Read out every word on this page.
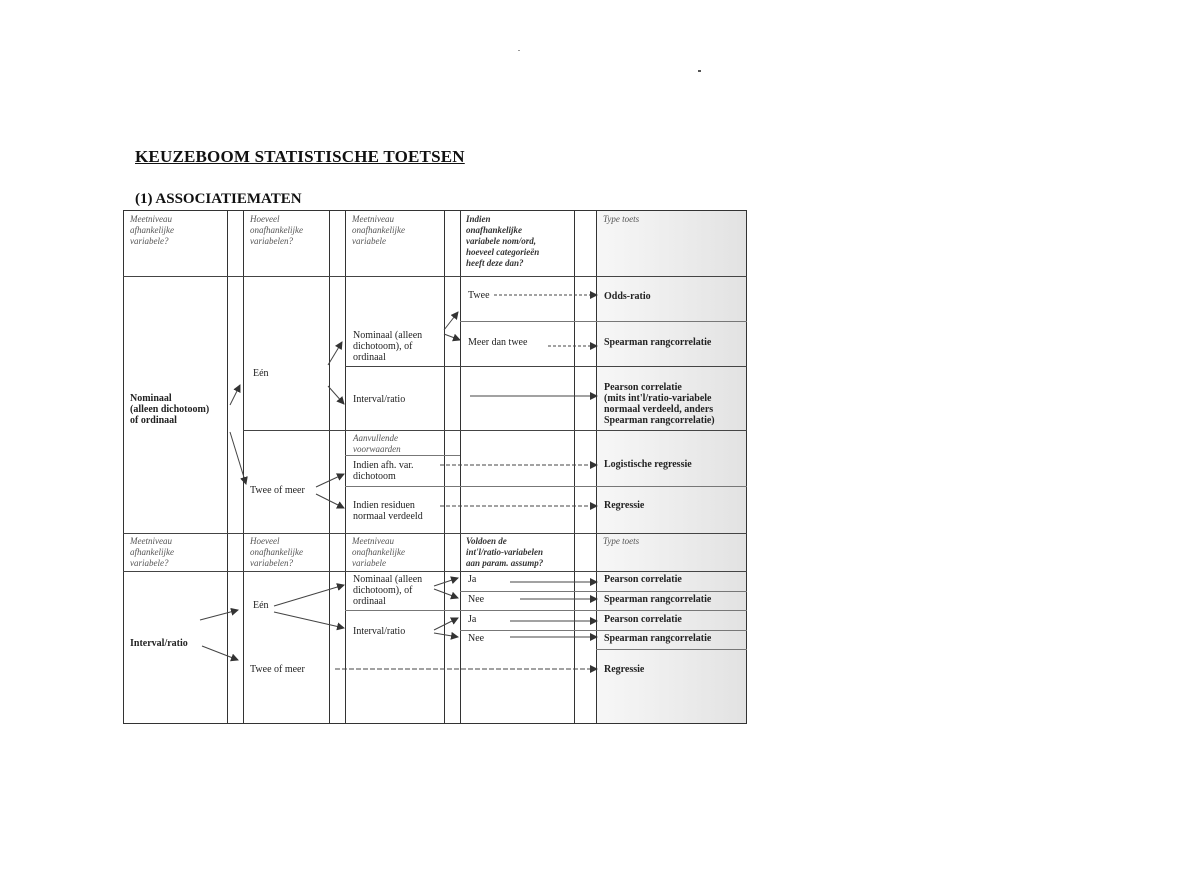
KEUZEBOOM STATISTISCHE TOETSEN
(1) ASSOCIATIEMATEN
Meetniveau
afhankelijke
variabele?
Hoeveel
onafhankelijke
variabelen?
Meetniveau
onafhankelijke
variabele
Indien
onafhankelijke
variabele nom/ord,
hoeveel categorieën
heeft deze dan?
Type toets
Nominaal
(alleen dichotoom)
of ordinaal
Eén
Twee of meer
Nominaal (alleen
dichotoom), of
ordinaal
Interval/ratio
Aanvullende
voorwaarden
Indien afh. var.
dichotoom
Indien residuen
normaal verdeeld
Twee
Meer dan twee
Odds-ratio
Spearman rangcorrelatie
Pearson correlatie
(mits int'l/ratio-variabele
normaal verdeeld, anders
Spearman rangcorrelatie)
Logistische regressie
Regressie
Meetniveau
afhankelijke
variabele?
Hoeveel
onafhankelijke
variabelen?
Meetniveau
onafhankelijke
variabele
Voldoen de
int'l/ratio-variabelen
aan param. assump?
Type toets
Interval/ratio
Eén
Twee of meer
Nominaal (alleen
dichotoom), of
ordinaal
Interval/ratio
Ja
Nee
Ja
Nee
Pearson correlatie
Spearman rangcorrelatie
Pearson correlatie
Spearman rangcorrelatie
Regressie
